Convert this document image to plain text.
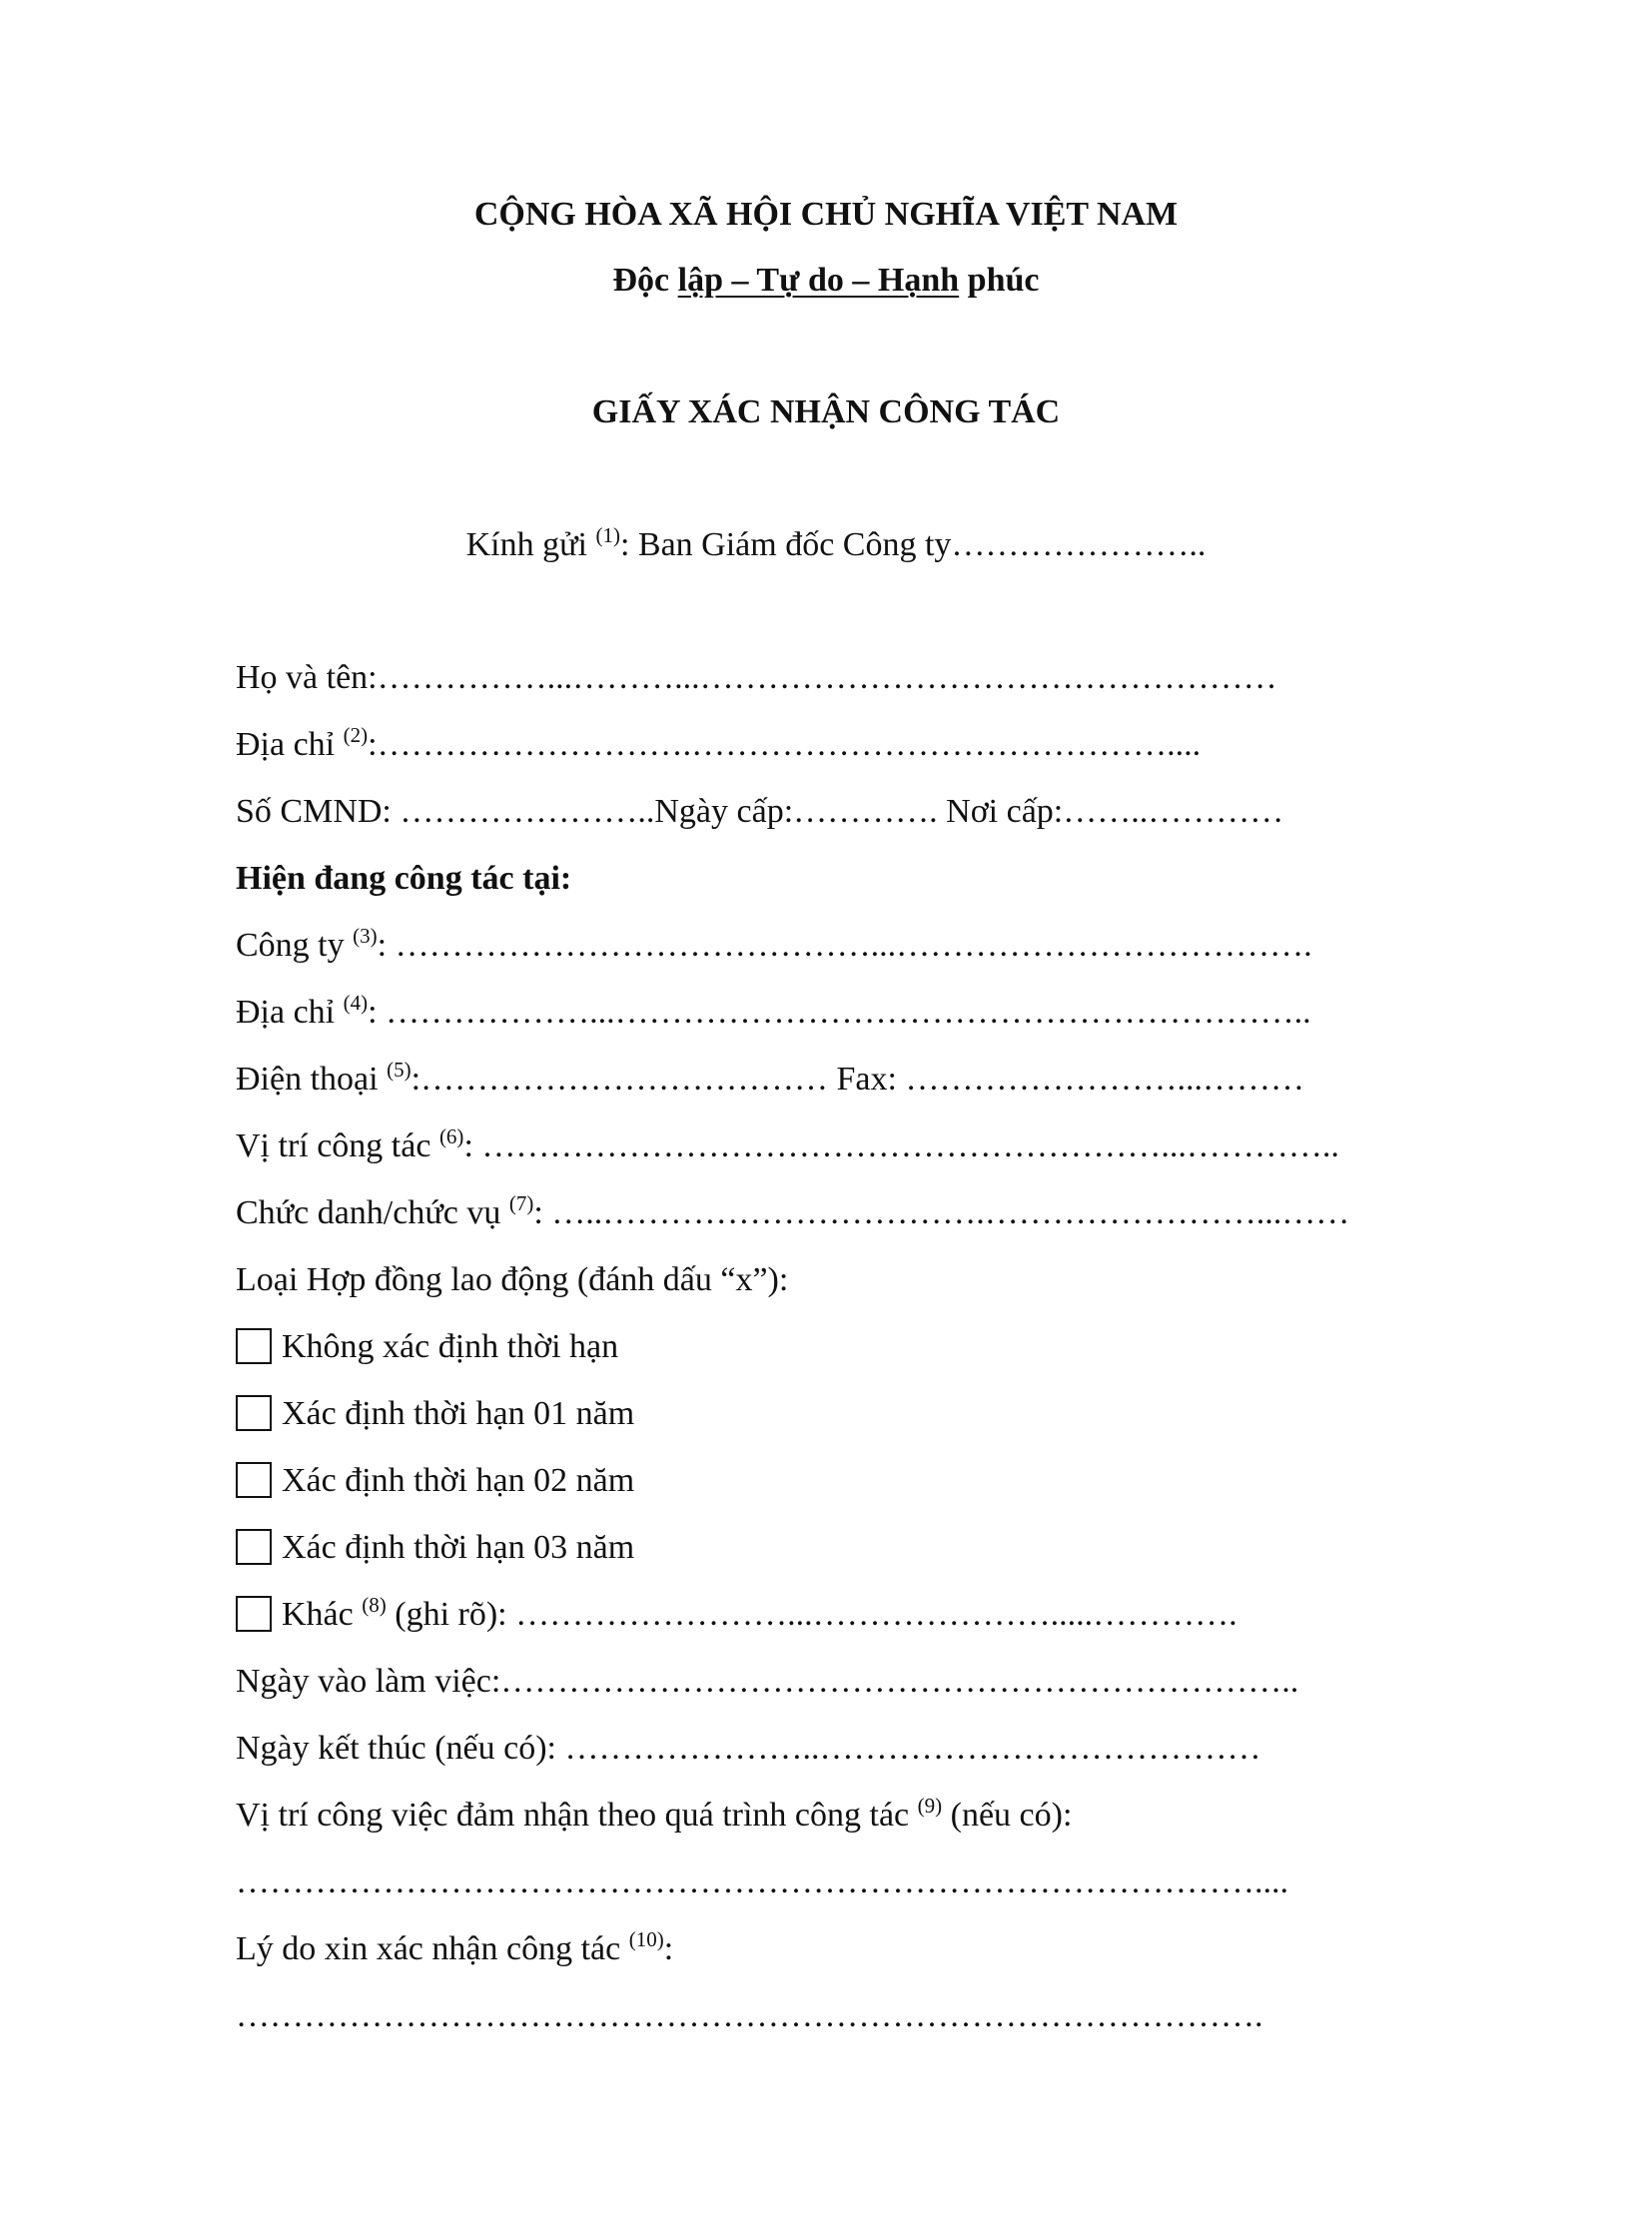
CỘNG HÒA XÃ HỘI CHỦ NGHĨA VIỆT NAM
Độc lập – Tự do – Hạnh phúc
GIẤY XÁC NHẬN CÔNG TÁC
Kính gửi $^{(1)}$: Ban Giám đốc Công ty…………………..
Họ và tên:……………...………...……………………………………………
Địa chỉ $^{(2)}$:……………………….……………………………………....
Số CMND: …………………..Ngày cấp:…………. Nơi cấp:……..…………
Hiện đang công tác tại:
Công ty $^{(3)}$: ……………………………………...……………………………….
Địa chỉ $^{(4)}$: ………………...……………………………………………………..
Điện thoại $^{(5)}$:……………………………… Fax: ……………………...………
Vị trí công tác $^{(6)}$: ……………………………………………………...…………..
Chức danh/chức vụ $^{(7)}$: …..…………………………….……………………...……
Loại Hợp đồng lao động (đánh dấu “x”):
Không xác định thời hạn
Xác định thời hạn 01 năm
Xác định thời hạn 02 năm
Xác định thời hạn 03 năm
Khác $^{(8)}$ (ghi rõ): ……………………...………………….....………….
Ngày vào làm việc:……………………………………………………………..
Ngày kết thúc (nếu có): …………………..…………………………………
Vị trí công việc đảm nhận theo quá trình công tác $^{(9)}$ (nếu có):
………………………………………………………………………………....
Lý do xin xác nhận công tác $^{(10)}$:
……………………………………………………………………………….
